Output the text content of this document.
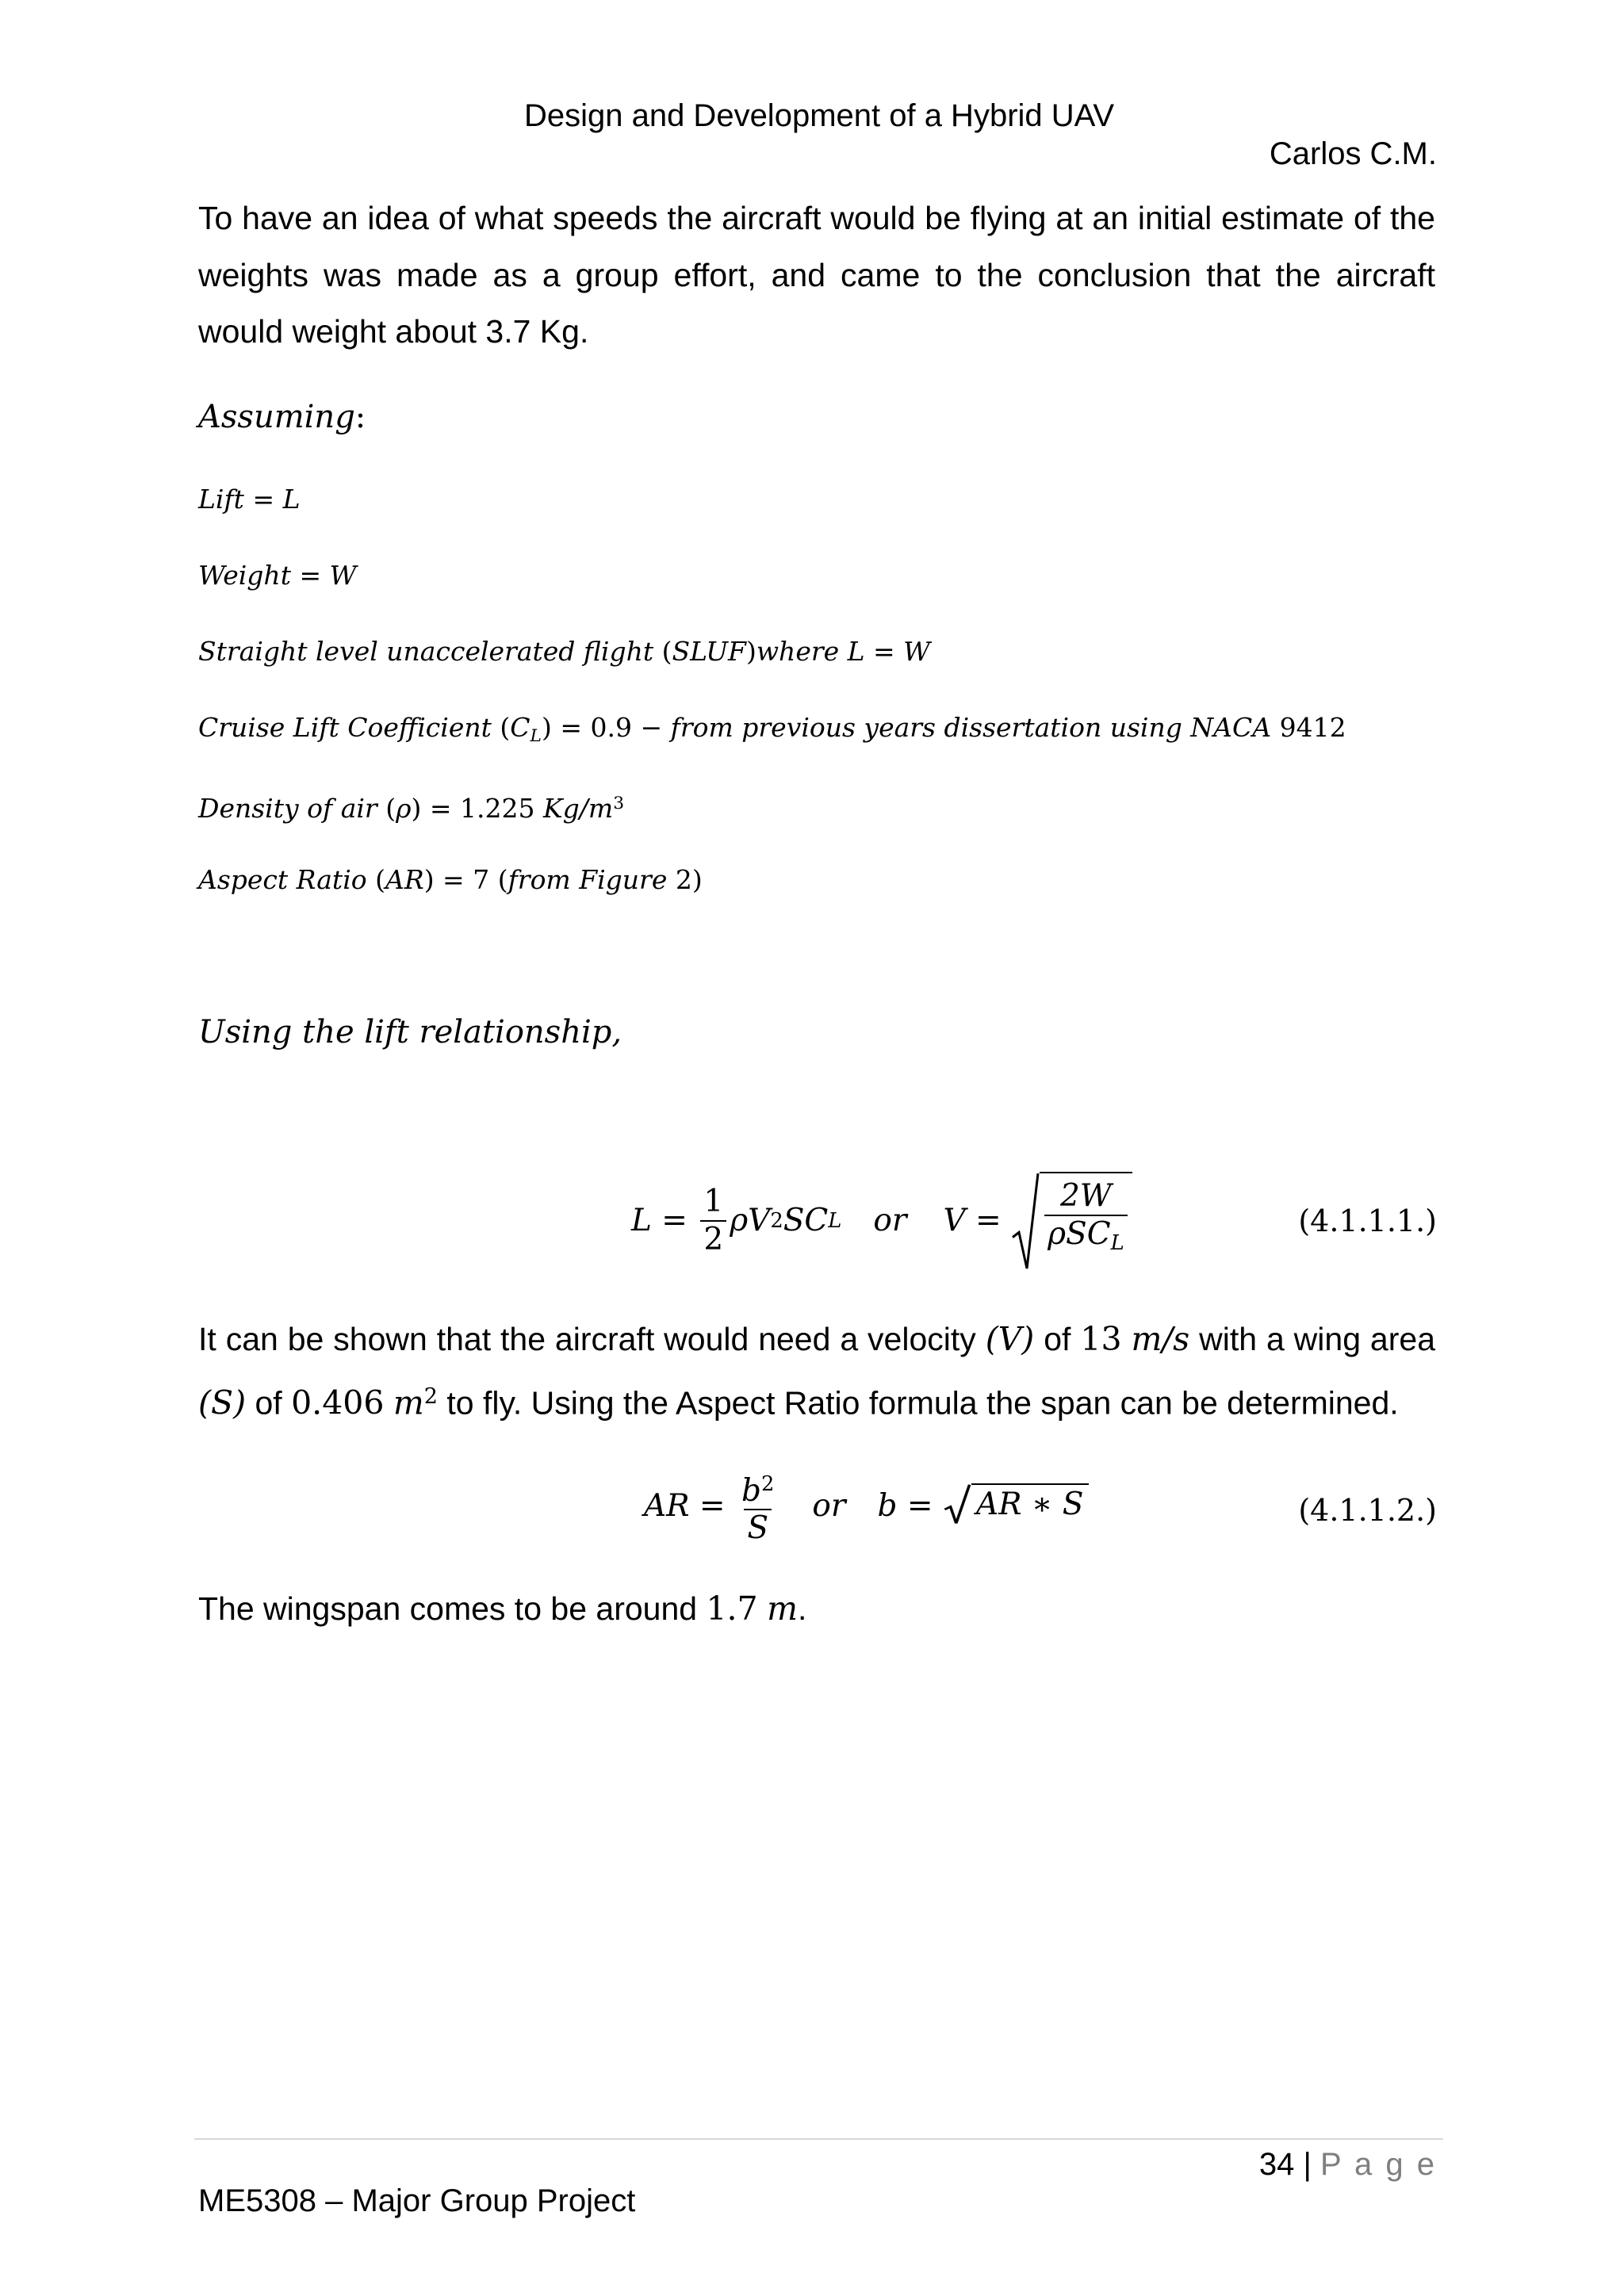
Design and Development of a Hybrid UAV
Carlos C.M.
To have an idea of what speeds the aircraft would be flying at an initial estimate of the weights was made as a group effort, and came to the conclusion that the aircraft would weight about 3.7 Kg.
Assuming:
Lift = L
Weight = W
Straight level unaccelerated flight (SLUF)where L = W
Cruise Lift Coefficient $(C_L) = 0.9$ − from previous years dissertation using NACA 9412
Density of air (ρ) = 1.225 $Kg/m^3$
Aspect Ratio (AR) = 7 (from Figure 2)
Using the lift relationship,
$L = \frac{1}{2}$ ρV 2 SC L or $V = \frac{2W}{\rho SC_L}$	(4.1.1.1.)
It can be shown that the aircraft would need a velocity (V) of 13 m/s with a wing area (S) of 0.406 $m^2$ to fly. Using the Aspect Ratio formula the span can be determined.
AR = $\frac{b^2}{S}$ or b = AR ∗ S	(4.1.1.2.)
The wingspan comes to be around 1.7 m.
34 | P a g e
ME5308 – Major Group Project
